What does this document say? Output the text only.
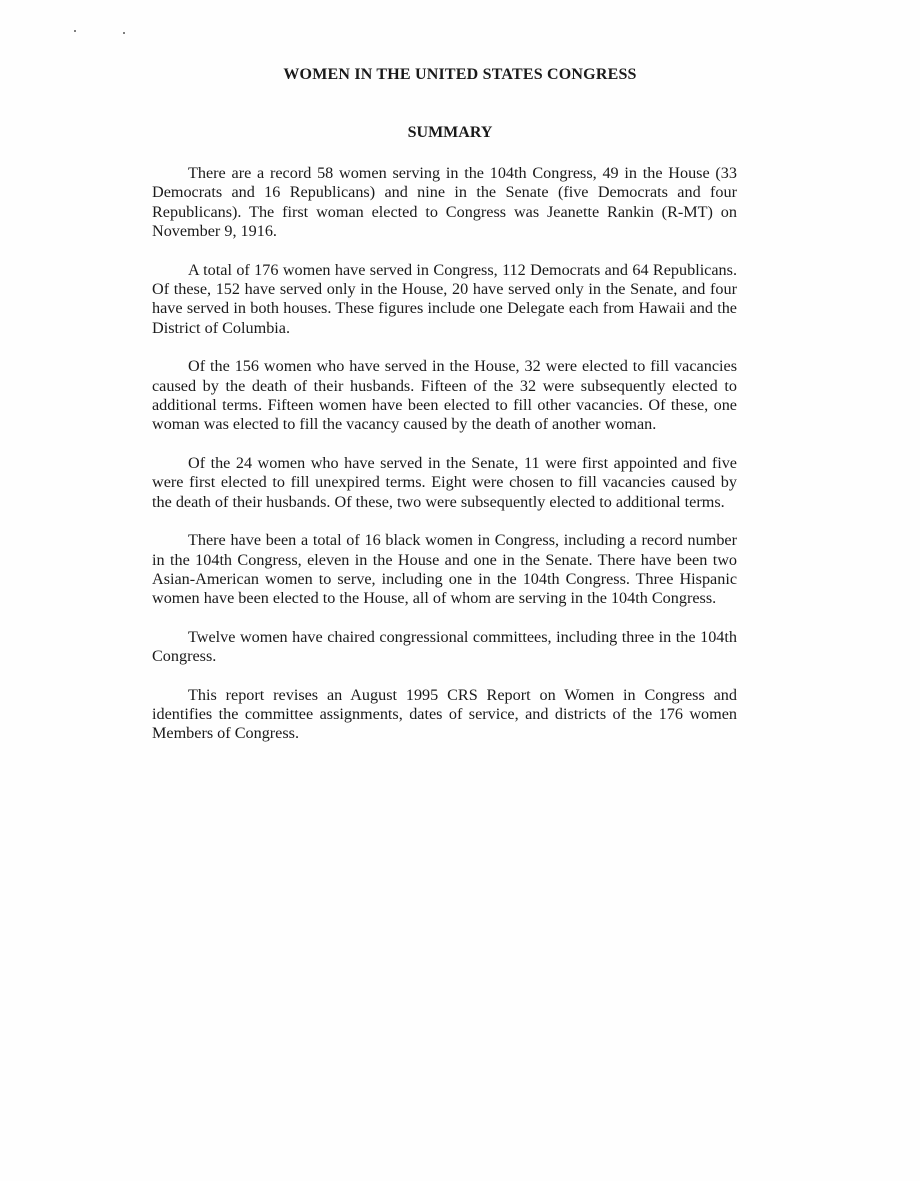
WOMEN IN THE UNITED STATES CONGRESS
SUMMARY

There are a record 58 women serving in the 104th Congress, 49 in the House (33 Democrats and 16 Republicans) and nine in the Senate (five Democrats and four Republicans). The first woman elected to Congress was Jeanette Rankin (R-MT) on November 9, 1916.

A total of 176 women have served in Congress, 112 Democrats and 64 Republicans. Of these, 152 have served only in the House, 20 have served only in the Senate, and four have served in both houses. These figures include one Delegate each from Hawaii and the District of Columbia.

Of the 156 women who have served in the House, 32 were elected to fill vacancies caused by the death of their husbands. Fifteen of the 32 were subsequently elected to additional terms. Fifteen women have been elected to fill other vacancies. Of these, one woman was elected to fill the vacancy caused by the death of another woman.

Of the 24 women who have served in the Senate, 11 were first appointed and five were first elected to fill unexpired terms. Eight were chosen to fill vacancies caused by the death of their husbands. Of these, two were subsequently elected to additional terms.

There have been a total of 16 black women in Congress, including a record number in the 104th Congress, eleven in the House and one in the Senate. There have been two Asian-American women to serve, including one in the 104th Congress. Three Hispanic women have been elected to the House, all of whom are serving in the 104th Congress.

Twelve women have chaired congressional committees, including three in the 104th Congress.

This report revises an August 1995 CRS Report on Women in Congress and identifies the committee assignments, dates of service, and districts of the 176 women Members of Congress.
